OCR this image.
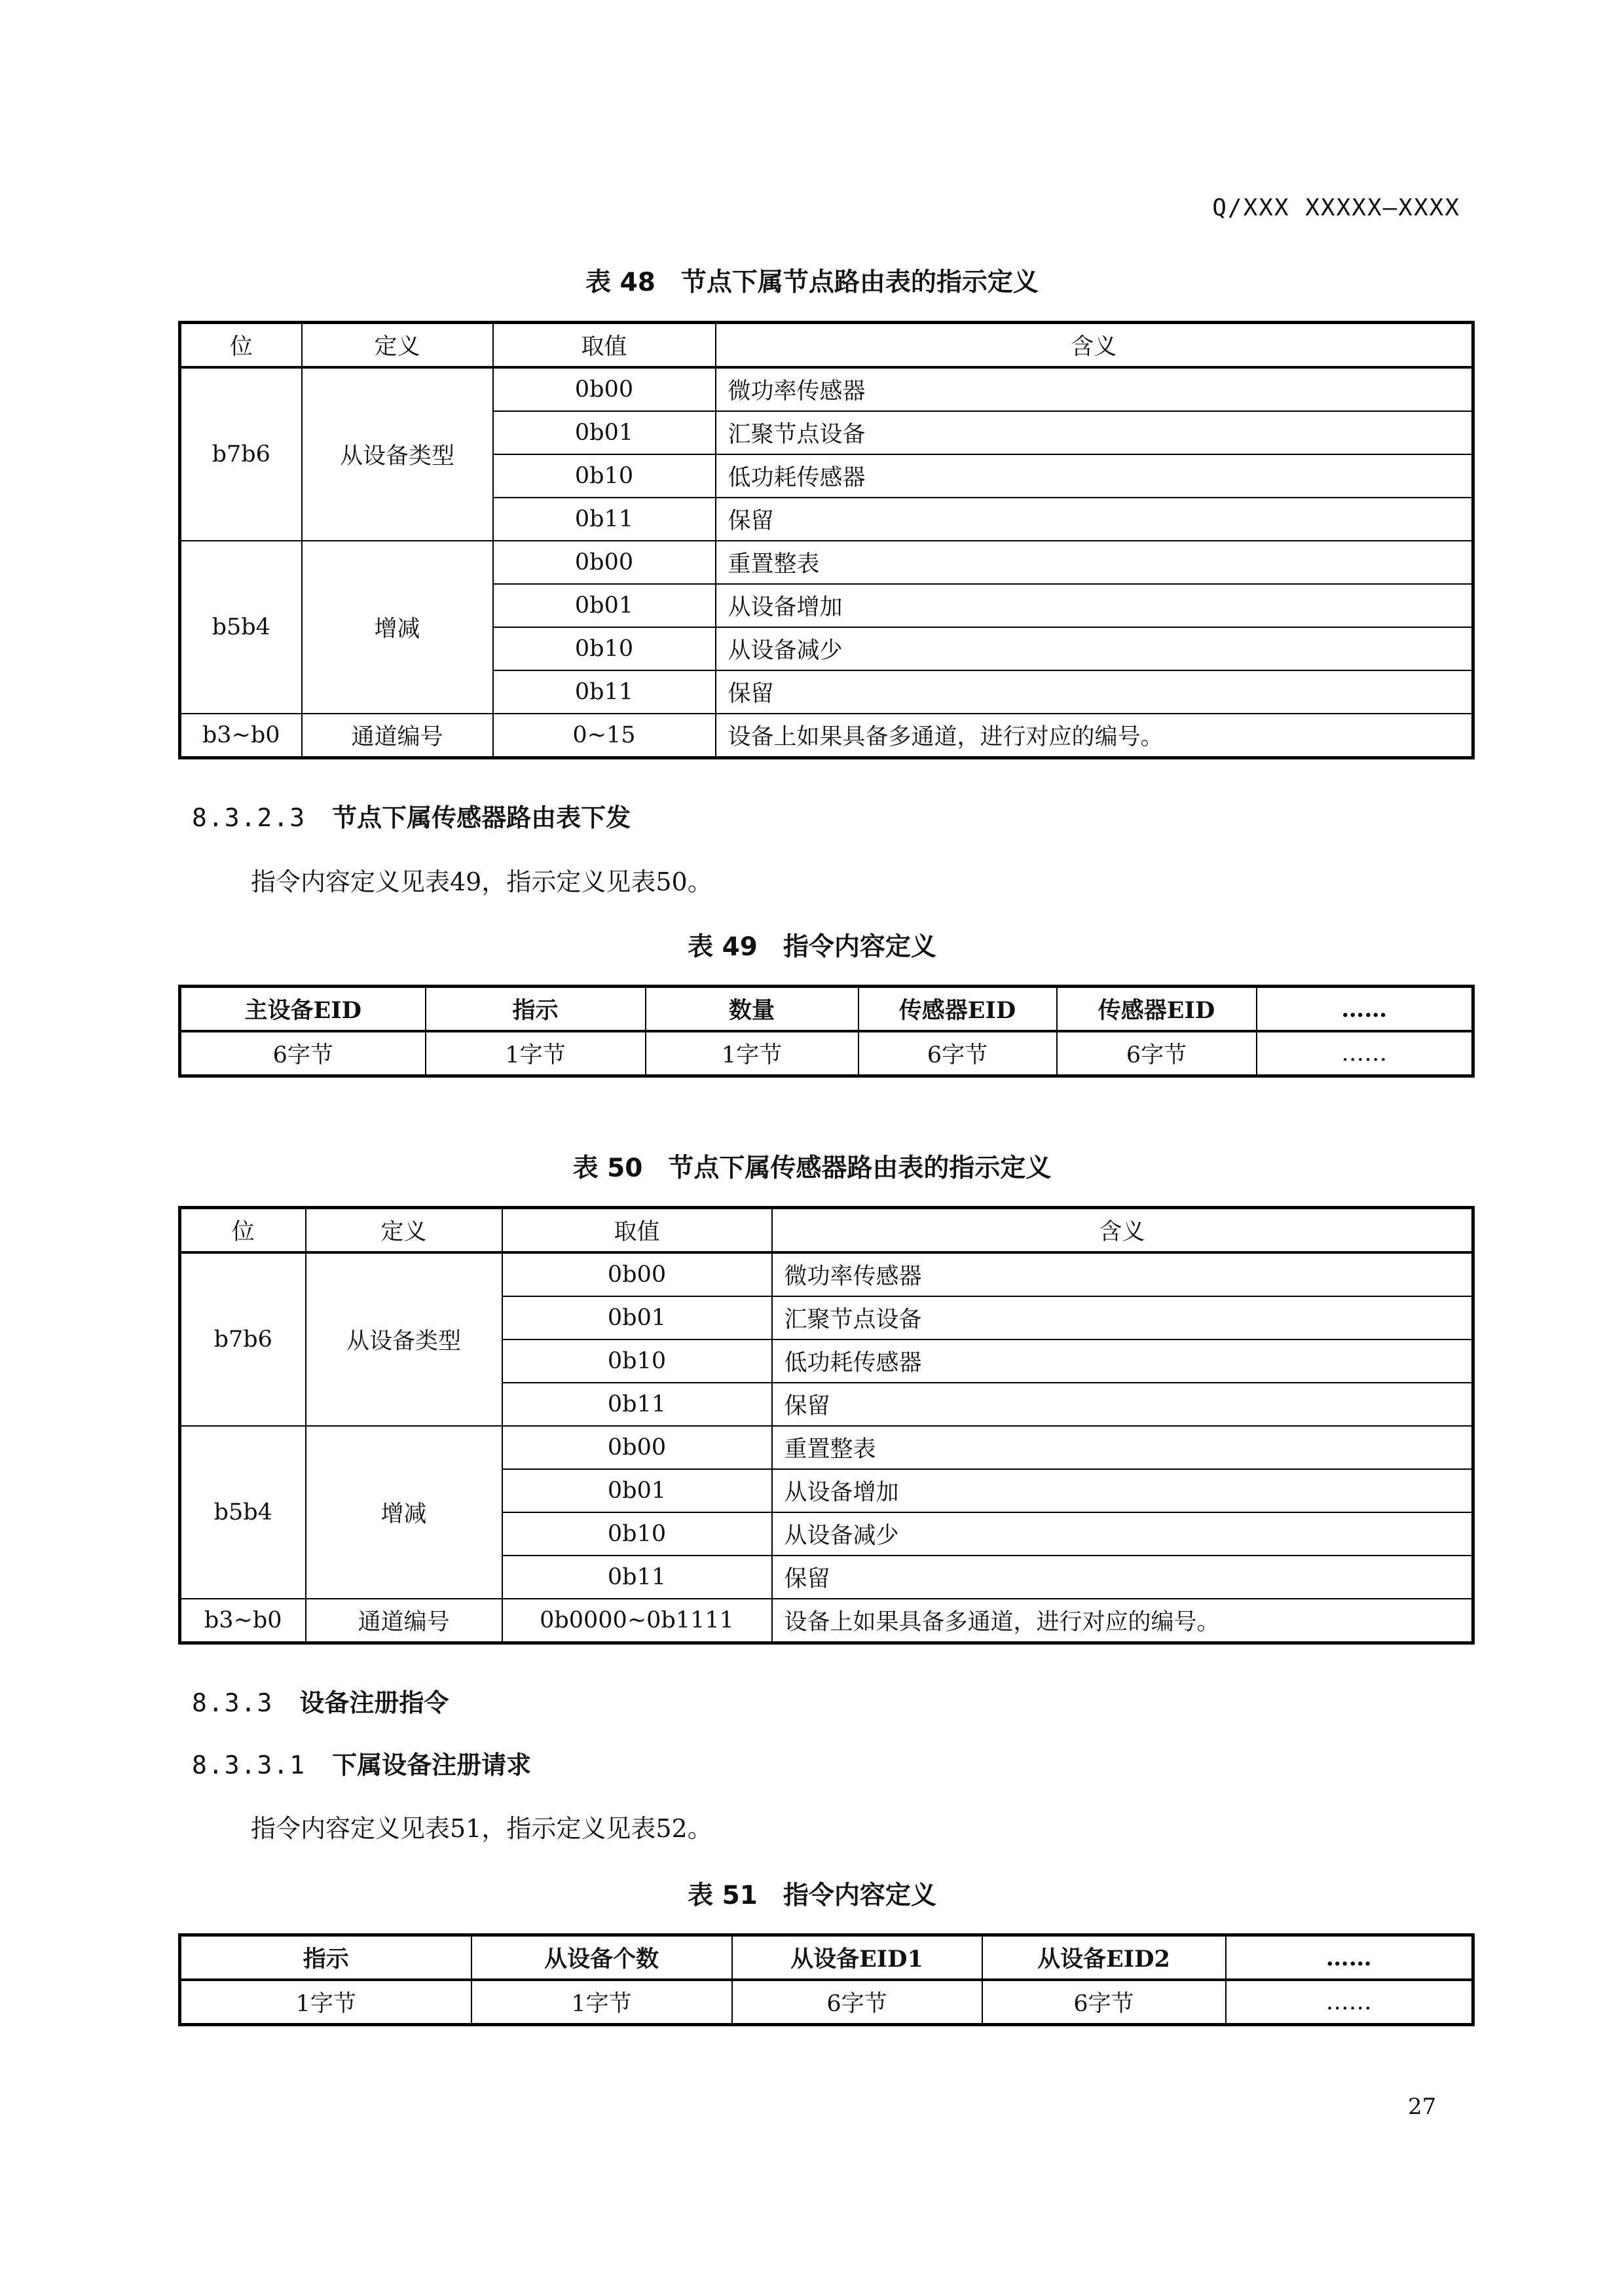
Q/XXX XXXXX—XXXX
表 48　节点下属节点路由表的指示定义
位	定义	取值	含义
b7b6	从设备类型	0b00	微功率传感器
		0b01	汇聚节点设备
		0b10	低功耗传感器
		0b11	保留
b5b4	增减	0b00	重置整表
		0b01	从设备增加
		0b10	从设备减少
		0b11	保留
b3~b0	通道编号	0~15	设备上如果具备多通道，进行对应的编号。
8.3.2.3 节点下属传感器路由表下发
指令内容定义见表49，指示定义见表50。
表 49　指令内容定义
主设备EID	指示	数量	传感器EID	传感器EID	……
6字节	1字节	1字节	6字节	6字节	……
表 50　节点下属传感器路由表的指示定义
位	定义	取值	含义
b7b6	从设备类型	0b00	微功率传感器
		0b01	汇聚节点设备
		0b10	低功耗传感器
		0b11	保留
b5b4	增减	0b00	重置整表
		0b01	从设备增加
		0b10	从设备减少
		0b11	保留
b3~b0	通道编号	0b0000~0b1111	设备上如果具备多通道，进行对应的编号。
8.3.3 设备注册指令
8.3.3.1 下属设备注册请求
指令内容定义见表51，指示定义见表52。
表 51　指令内容定义
指示	从设备个数	从设备EID1	从设备EID2	……
1字节	1字节	6字节	6字节	……
27
